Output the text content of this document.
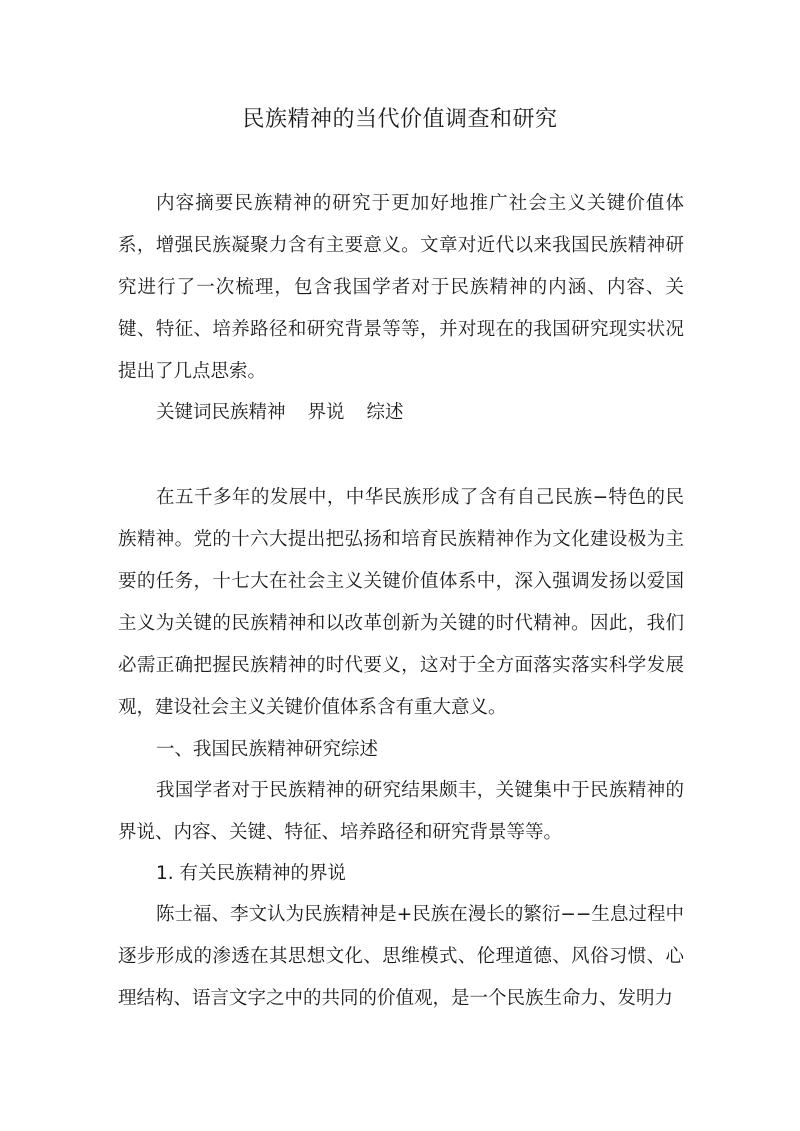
民族精神的当代价值调查和研究

内容摘要民族精神的研究于更加好地推广社会主义关键价值体系，增强民族凝聚力含有主要意义。文章对近代以来我国民族精神研究进行了一次梳理，包含我国学者对于民族精神的内涵、内容、关键、特征、培养路径和研究背景等等，并对现在的我国研究现实状况提出了几点思索。

关键词民族精神 界说 综述

在五千多年的发展中，中华民族形成了含有自己民族−特色的民族精神。党的十六大提出把弘扬和培育民族精神作为文化建设极为主要的任务，十七大在社会主义关键价值体系中，深入强调发扬以爱国主义为关键的民族精神和以改革创新为关键的时代精神。因此，我们必需正确把握民族精神的时代要义，这对于全方面落实落实科学发展观，建设社会主义关键价值体系含有重大意义。

一、我国民族精神研究综述

我国学者对于民族精神的研究结果颇丰，关键集中于民族精神的界说、内容、关键、特征、培养路径和研究背景等等。

1. 有关民族精神的界说

陈士福、李文认为民族精神是+民族在漫长的繁衍−−生息过程中逐步形成的渗透在其思想文化、思维模式、伦理道德、风俗习惯、心理结构、语言文字之中的共同的价值观，是一个民族生命力、发明力
